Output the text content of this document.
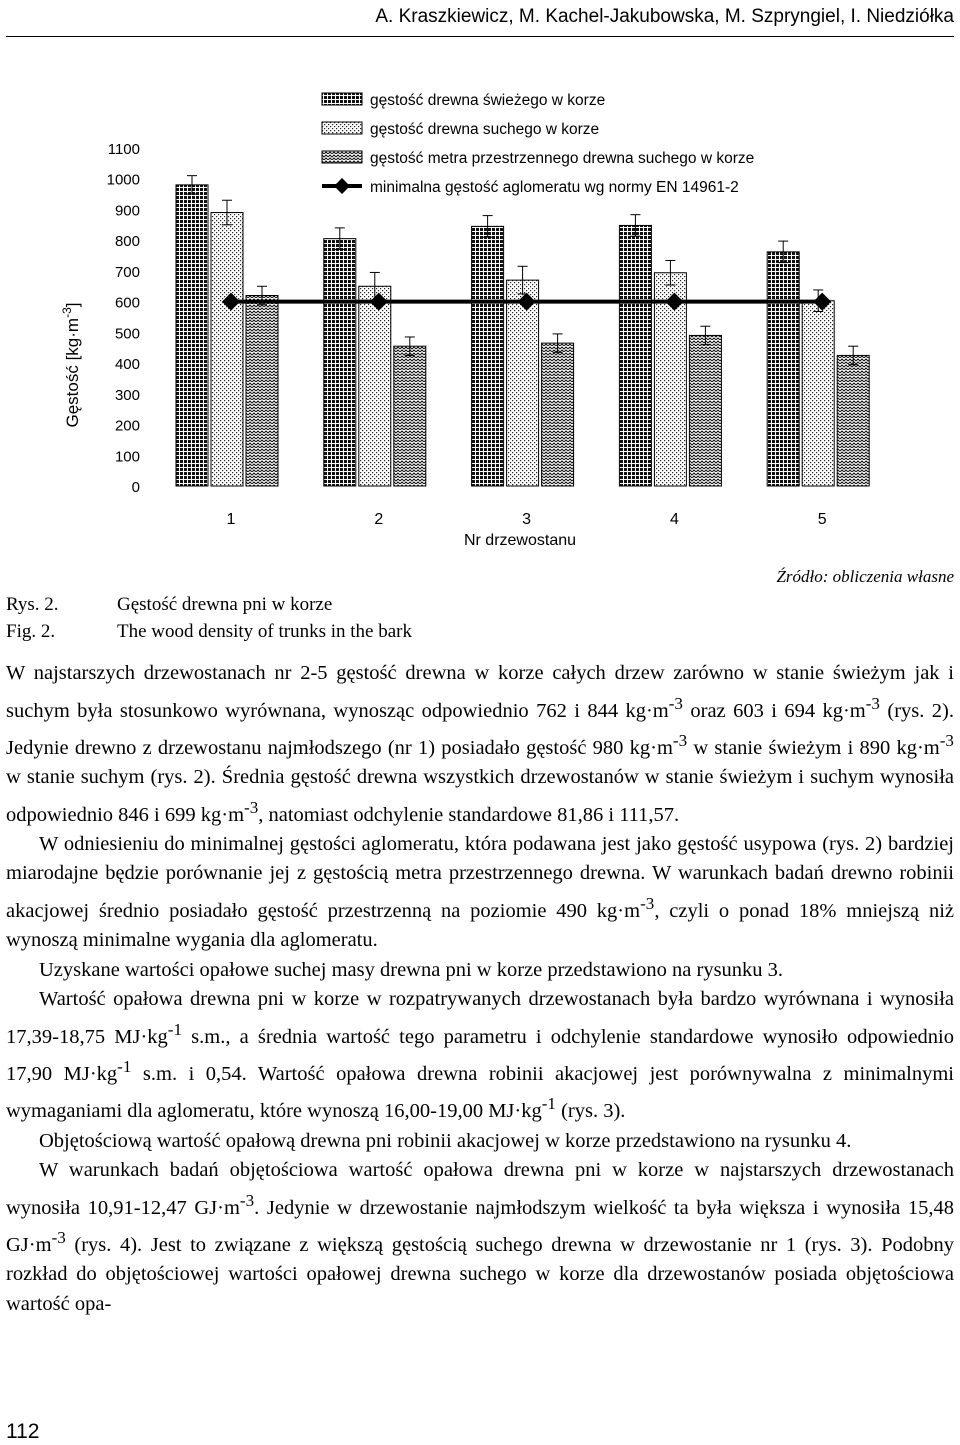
A. Kraszkiewicz, M. Kachel-Jakubowska, M. Szpryngiel, I. Niedziółka
Gęstość $[kg\cdot m^{-3}]$
0
100
200
300
400
500
600
700
800
900
1000
1100
1	2	3	4	5
Nr drzewostanu
gęstość drewna świeżego w korze
gęstość drewna suchego w korze
gęstość metra przestrzennego drewna suchego w korze
minimalna gęstość aglomeratu wg normy EN 14961-2
Źródło: obliczenia własne
Rys. 2.	Gęstość drewna pni w korze
Fig. 2.	The wood density of trunks in the bark

W najstarszych drzewostanach nr 2-5 gęstość drewna w korze całych drzew zarówno w stanie świeżym jak i suchym była stosunkowo wyrównana, wynosząc odpowiednio 762 i 844 $kg\cdot m^{-3}$ oraz 603 i 694 $kg\cdot m^{-3}$ (rys. 2). Jedynie drewno z drzewostanu najmłodszego (nr 1) posiadało gęstość 980 $kg\cdot m^{-3}$ w stanie świeżym i 890 $kg\cdot m^{-3}$ w stanie suchym (rys. 2). Średnia gęstość drewna wszystkich drzewostanów w stanie świeżym i suchym wynosiła odpowiednio 846 i 699 $kg\cdot m^{-3}$, natomiast odchylenie standardowe 81,86 i 111,57.

W odniesieniu do minimalnej gęstości aglomeratu, która podawana jest jako gęstość usypowa (rys. 2) bardziej miarodajne będzie porównanie jej z gęstością metra przestrzennego drewna. W warunkach badań drewno robinii akacjowej średnio posiadało gęstość przestrzenną na poziomie 490 $kg\cdot m^{-3}$, czyli o ponad 18% mniejszą niż wynoszą minimalne wygania dla aglomeratu.

Uzyskane wartości opałowe suchej masy drewna pni w korze przedstawiono na rysunku 3.

Wartość opałowa drewna pni w korze w rozpatrywanych drzewostanach była bardzo wyrównana i wynosiła 17,39-18,75 $MJ\cdot kg^{-1}$ s.m., a średnia wartość tego parametru i odchylenie standardowe wynosiło odpowiednio 17,90 $MJ\cdot kg^{-1}$ s.m. i 0,54. Wartość opałowa drewna robinii akacjowej jest porównywalna z minimalnymi wymaganiami dla aglomeratu, które wynoszą 16,00-19,00 $MJ\cdot kg^{-1}$ (rys. 3).

Objętościową wartość opałową drewna pni robinii akacjowej w korze przedstawiono na rysunku 4.

W warunkach badań objętościowa wartość opałowa drewna pni w korze w najstarszych drzewostanach wynosiła 10,91-12,47 $GJ\cdot m^{-3}$. Jedynie w drzewostanie najmłodszym wielkość ta była większa i wynosiła 15,48 $GJ\cdot m^{-3}$ (rys. 4). Jest to związane z większą gęstością suchego drewna w drzewostanie nr 1 (rys. 3). Podobny rozkład do objętościowej wartości opałowej drewna suchego w korze dla drzewostanów posiada objętościowa wartość opa-

112
